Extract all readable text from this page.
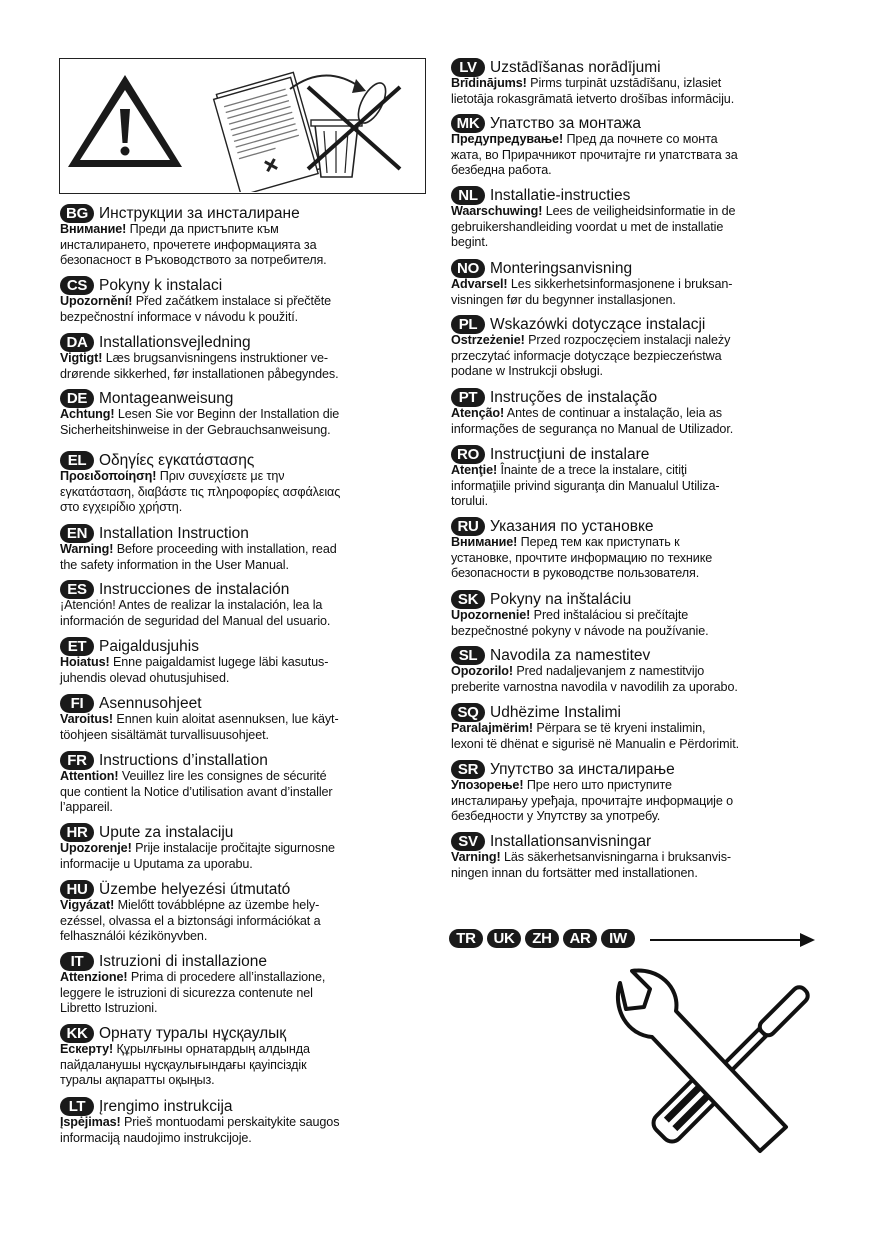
BG Инструкции за инсталиране
Внимание! Преди да пристъпите към
инсталирането, прочетете информацията за
безопасност в Ръководството за потребителя.
CS Pokyny k instalaci
Upozornění! Před začátkem instalace si přečtěte
bezpečnostní informace v návodu k použití.
DA Installationsvejledning
Vigtigt! Læs brugsanvisningens instruktioner ve-
drørende sikkerhed, før installationen påbegyndes.
DE Montageanweisung
Achtung! Lesen Sie vor Beginn der Installation die
Sicherheitshinweise in der Gebrauchsanweisung.
EL Οδηγίες εγκατάστασης
Προειδοποίηση! Πριν συνεχίσετε με την
εγκατάσταση, διαβάστε τις πληροφορίες ασφάλειας
στο εγχειρίδιο χρήστη.
EN Installation Instruction
Warning! Before proceeding with installation, read
the safety information in the User Manual.
ES Instrucciones de instalación
¡Atención! Antes de realizar la instalación, lea la
información de seguridad del Manual del usuario.
ET Paigaldusjuhis
Hoiatus! Enne paigaldamist lugege läbi kasutus-
juhendis olevad ohutusjuhised.
FI	Asennusohjeet
Varoitus! Ennen kuin aloitat asennuksen, lue käyt-
töohjeen sisältämät turvallisuusohjeet.
FR Instructions d’installation
Attention! Veuillez lire les consignes de sécurité
que contient la Notice d’utilisation avant d’installer
l’appareil.
HR Upute za instalaciju
Upozorenje! Prije instalacije pročitajte sigurnosne
informacije u Uputama za uporabu.
HU Üzembe helyezési útmutató
Vigyázat! Mielőtt továbblépne az üzembe hely-
ezéssel, olvassa el a biztonsági információkat a
felhasználói kézikönyvben.
IT	Istruzioni di installazione
Attenzione! Prima di procedere all’installazione,
leggere le istruzioni di sicurezza contenute nel
Libretto Istruzioni.
KK Орнату туралы нұсқаулық
Ескерту! Құрылғыны орнатардың алдында
пайдаланушы нұсқаулығындағы қауіпсіздік
туралы ақпаратты оқыңыз.
LT Įrengimo instrukcija
Įspėjimas! Prieš montuodami perskaitykite saugos
informaciją naudojimo instrukcijoje.
LV Uzstādīšanas norādījumi
Brīdinājums! Pirms turpināt uzstādīšanu, izlasiet
lietotāja rokasgrāmatā ietverto drošības informāciju.
MK Упатство за монтажа
Предупредување! Пред да почнете со монта
жата, во Прирачникот прочитајте ги упатствата за
безбедна работа.
NL Installatie-instructies
Waarschuwing! Lees de veiligheidsinformatie in de
gebruikershandleiding voordat u met de installatie
begint.
NO Monteringsanvisning
Advarsel! Les sikkerhetsinformasjonene i bruksan-
visningen før du begynner installasjonen.
PL Wskazówki dotyczące instalacji
Ostrzeżenie! Przed rozpoczęciem instalacji należy
przeczytać informacje dotyczące bezpieczeństwa
podane w Instrukcji obsługi.
PT Instruções de instalação
Atenção! Antes de continuar a instalação, leia as
informações de segurança no Manual de Utilizador.
RO Instrucţiuni de instalare
Atenţie! Înainte de a trece la instalare, citiţi
informaţiile privind siguranţa din Manualul Utiliza-
torului.
RU Указания по установке
Внимание! Перед тем как приступать к
установке, прочтите информацию по технике
безопасности в руководстве пользователя.
SK Pokyny na inštaláciu
Upozornenie! Pred inštaláciou si prečítajte
bezpečnostné pokyny v návode na používanie.
SL Navodila za namestitev
Opozorilo! Pred nadaljevanjem z namestitvijo
preberite varnostna navodila v navodilih za uporabo.
SQ Udhëzime Instalimi
Paralajmërim! Përpara se të kryeni instalimin,
lexoni të dhënat e sigurisë në Manualin e Përdorimit.
SR Упутство за инсталирање
Упозорење! Пре него што приступите
инсталирању уређаја, прочитајте информације о
безбедности у Упутству за употребу.
SV Installationsanvisningar
Varning! Läs säkerhetsanvisningarna i bruksanvis-
ningen innan du fortsätter med installationen.
TR	UK	ZH	AR	IW
